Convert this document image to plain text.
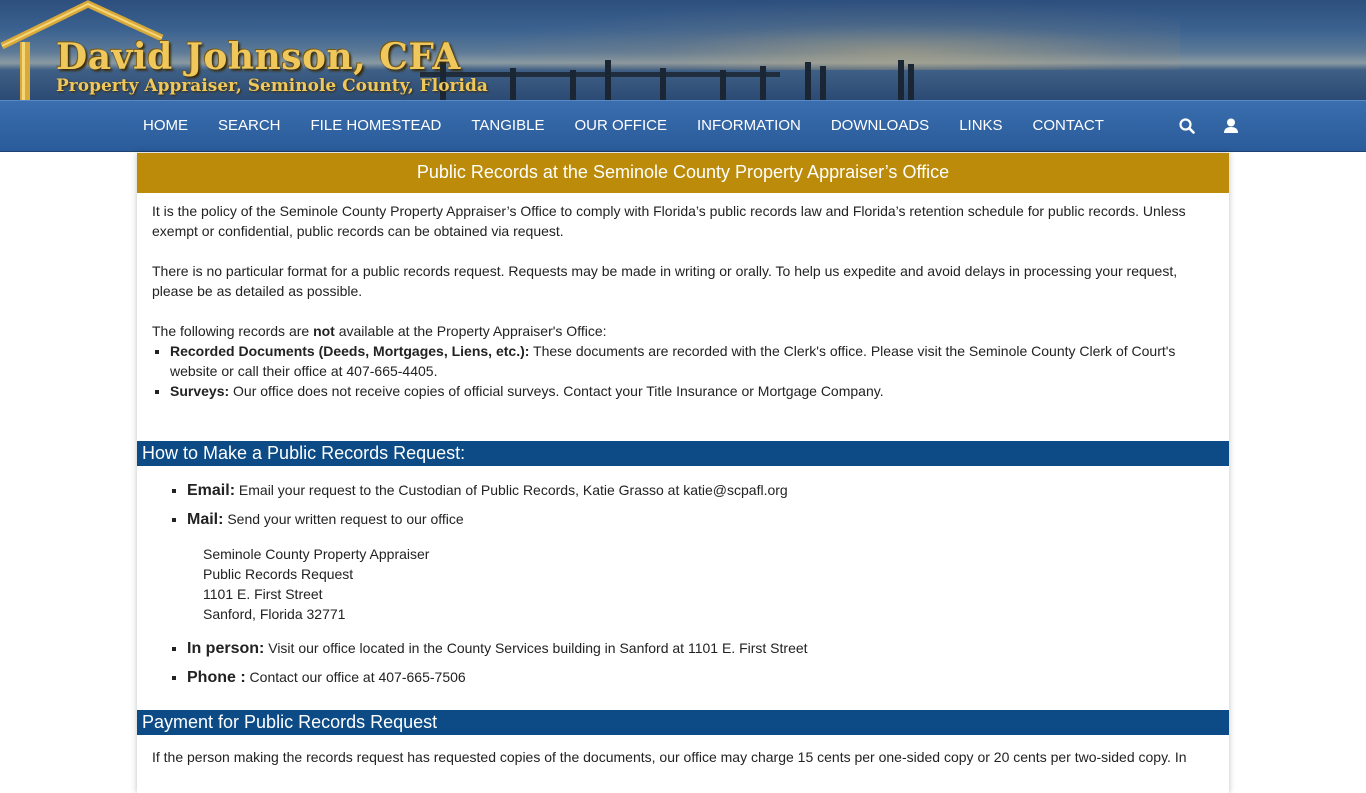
David Johnson, CFA
Property Appraiser, Seminole County, Florida
HOME	SEARCH	FILE HOMESTEAD	TANGIBLE	OUR OFFICE	INFORMATION	DOWNLOADS	LINKS	CONTACT
Public Records at the Seminole County Property Appraiser’s Office

It is the policy of the Seminole County Property Appraiser’s Office to comply with Florida’s public records law and Florida’s retention schedule for public records. Unless exempt or confidential, public records can be obtained via request.

There is no particular format for a public records request. Requests may be made in writing or orally. To help us expedite and avoid delays in processing your request, please be as detailed as possible.

The following records are not available at the Property Appraiser's Office:

▪ Recorded Documents (Deeds, Mortgages, Liens, etc.): These documents are recorded with the Clerk's office. Please visit the Seminole County Clerk of Court's website or call their office at 407-665-4405.
▪ Surveys: Our office does not receive copies of official surveys. Contact your Title Insurance or Mortgage Company.
How to Make a Public Records Request:
▪ Email: Email your request to the Custodian of Public Records, Katie Grasso at katie@scpafl.org
▪ Mail: Send your written request to our office
Seminole County Property Appraiser
Public Records Request
1101 E. First Street
Sanford, Florida 32771
▪ In person: Visit our office located in the County Services building in Sanford at 1101 E. First Street
▪ Phone : Contact our office at 407-665-7506
Payment for Public Records Request

If the person making the records request has requested copies of the documents, our office may charge 15 cents per one-sided copy or 20 cents per two-sided copy. In
